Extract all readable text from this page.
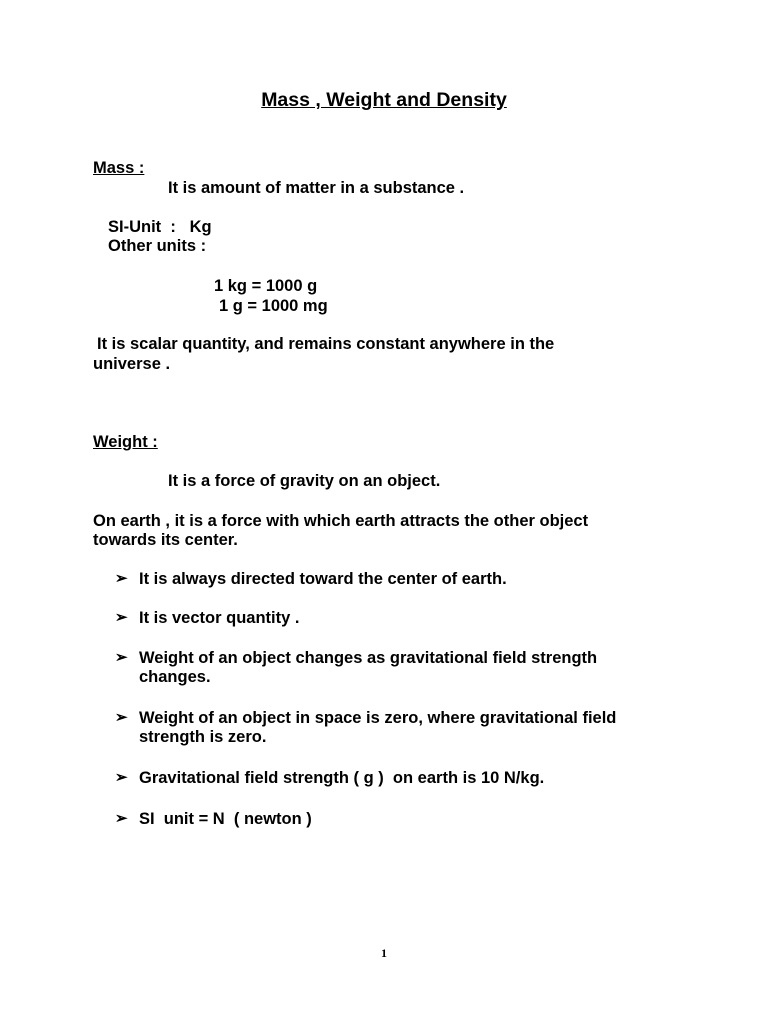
Mass , Weight and Density

Mass :

It is amount of matter in a substance .

SI-Unit  :   Kg

Other units :

1 kg = 1000 g

1 g = 1000 mg

It is scalar quantity, and remains constant anywhere in the

universe .

Weight :

It is a force of gravity on an object.

On earth , it is a force with which earth attracts the other object

towards its center.

➢ It is always directed toward the center of earth.

➢ It is vector quantity .

➢ Weight of an object changes as gravitational field strength

changes.

➢ Weight of an object in space is zero, where gravitational field

strength is zero.

➢ Gravitational field strength ( g )  on earth is 10 N/kg.

➢ SI  unit = N  ( newton )

1
